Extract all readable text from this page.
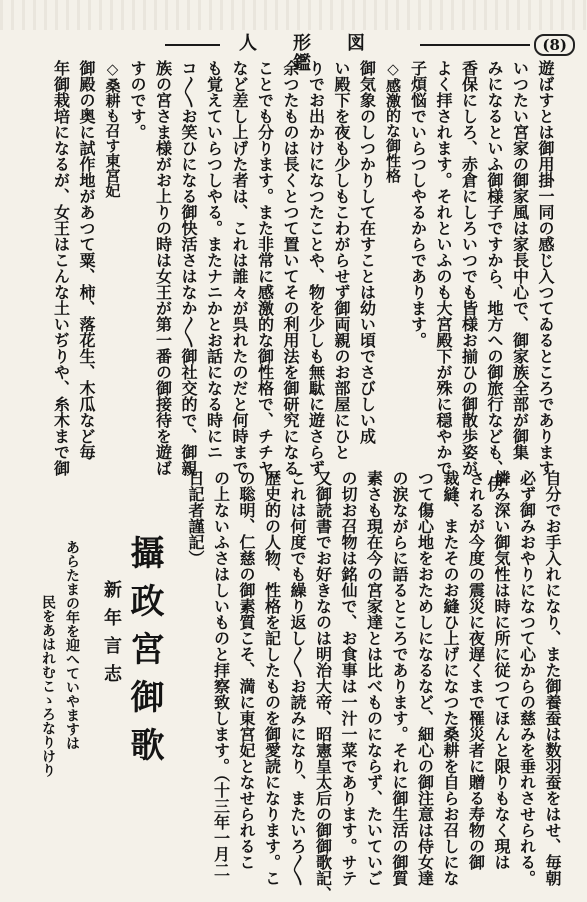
人形図鑑
(8)
遊ばすとは御用掛一同の感じ入つてゐるところであります
いつたい宮家の御家風は家長中心で、御家族全部が御集
みになるといふ御様子ですから、地方への御旅行なども、伊
香保にしろ、赤倉にしろいつでも皆様お揃ひの御散歩姿が
よく拝されます。それといふのも大宮殿下が殊に穏やかで
子煩悩でいらつしやるからであります。
◇感激的な御性格
御気象のしつかりして在すことは幼い頃でさびしい成
い殿下を夜も少しもこわがらせず御両親のお部屋にひと
りでお出かけになつたことや、物を少しも無駄に遊さらず
余つたものは長くとつて置いてその利用法を御研究になる
ことでも分ります。また非常に感激的な御性格で、チチヤ
など差し上げた者は、これは誰々が呉れたのだと何時まで
も覚えていらつしやる。またナニかとお話になる時にニ
コ〳〵お笑ひになる御快活さはなか〳〵御社交的で、御親
族の宮さま様がお上りの時は女王が第一番の御接待を遊ば
すのです。
◇桑耕も召す東宮妃
御殿の奥に試作地があつて粟、柿、落花生、木瓜など毎
年御栽培になるが、女王はこんな土いぢりや、糸木まで御
自分でお手入れになり、また御養蚕は数羽蚕をはせ、毎朝
必ず御みおやりになつて心からの慈みを垂れさせられる。
憐み深い御気性は時に所に従つてほんと限りもなく現は
されるが今度の震災に夜遅くまで罹災者に贈る寿物の御
裁縫、またそのお縫ひ上げになつた桑耕を自らお召しにな
つて傷心地をおためしになるなど、細心の御注意は侍女達
の涙ながらに語るところであります。それに御生活の御質
素さも現在今の宮家達とは比べものにならず、たいていご
の切お召物は銘仙で、お食事は一汁一菜であります。サテ
又御読書でお好きなのは明治大帝、昭憲皇太后の御御歌記、
これは何度でも繰り返し〳〵お読みになり、またいろ〳〵
歴史的の人物、性格を記したものを御愛読になります。こ
の聡明、仁慈の御素質こそ、満に東宮妃となせられるこ
の上ないふさはしいものと拝察致します。（十三年一月二
日記者謹記）
攝政宮御歌
新年言志
あらたまの年を迎へていやますは
民をあはれむこゝろなりけり
